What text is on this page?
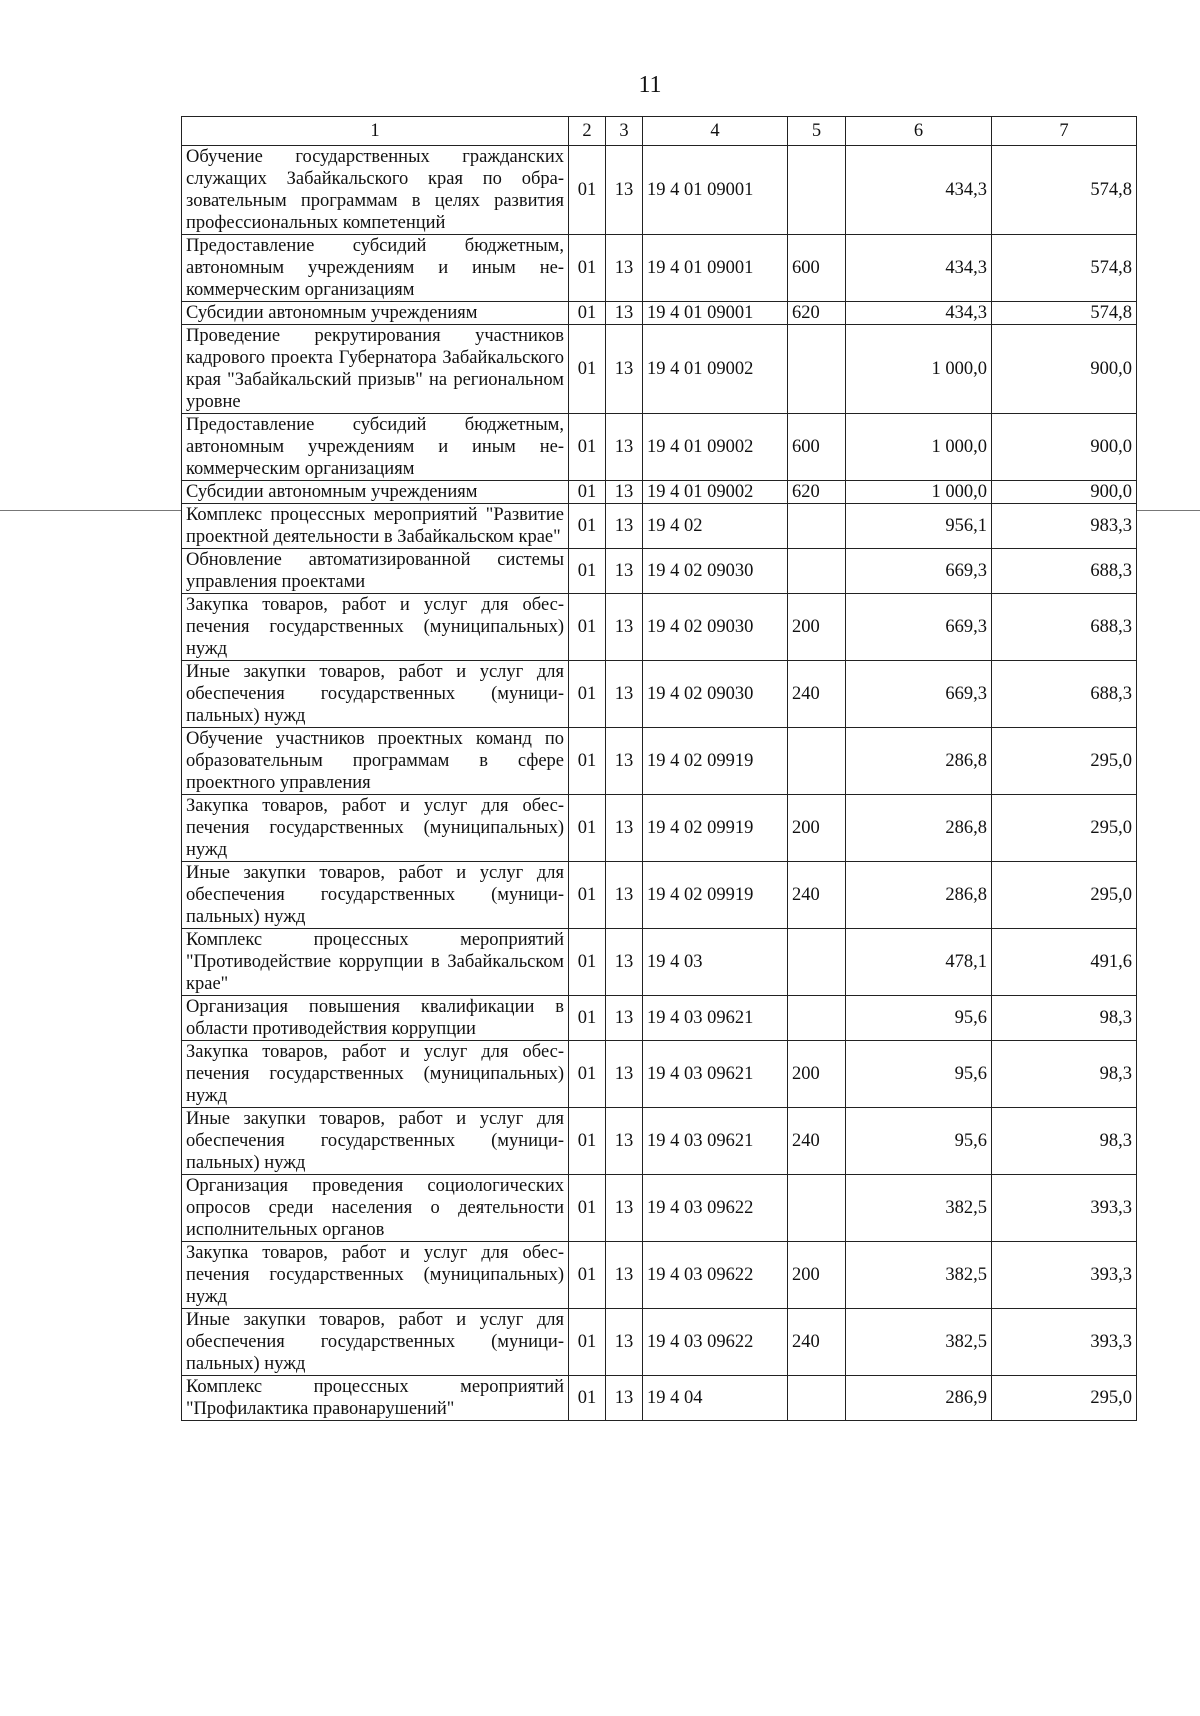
11
1	2	3	4	5	6	7
Обучение государственных гражданских служащих Забайкальского края по образовательным программам в целях развития профессиональных компетенций	01	13	19 4 01 09001		434,3	574,8
Предоставление субсидий бюджетным, автономным учреждениям и иным некоммерческим организациям	01	13	19 4 01 09001	600	434,3	574,8
Субсидии автономным учреждениям	01	13	19 4 01 09001	620	434,3	574,8
Проведение рекрутирования участников кадрового проекта Губернатора Забайкальского края "Забайкальский призыв" на региональном уровне	01	13	19 4 01 09002		1 000,0	900,0
Предоставление субсидий бюджетным, автономным учреждениям и иным некоммерческим организациям	01	13	19 4 01 09002	600	1 000,0	900,0
Субсидии автономным учреждениям	01	13	19 4 01 09002	620	1 000,0	900,0
Комплекс процессных мероприятий "Развитие проектной деятельности в Забайкальском крае"	01	13	19 4 02		956,1	983,3
Обновление автоматизированной системы управления проектами	01	13	19 4 02 09030		669,3	688,3
Закупка товаров, работ и услуг для обеспечения государственных (муниципальных) нужд	01	13	19 4 02 09030	200	669,3	688,3
Иные закупки товаров, работ и услуг для обеспечения государственных (муниципальных) нужд	01	13	19 4 02 09030	240	669,3	688,3
Обучение участников проектных команд по образовательным программам в сфере проектного управления	01	13	19 4 02 09919		286,8	295,0
Закупка товаров, работ и услуг для обеспечения государственных (муниципальных) нужд	01	13	19 4 02 09919	200	286,8	295,0
Иные закупки товаров, работ и услуг для обеспечения государственных (муниципальных) нужд	01	13	19 4 02 09919	240	286,8	295,0
Комплекс процессных мероприятий "Противодействие коррупции в Забайкальском крае"	01	13	19 4 03		478,1	491,6
Организация повышения квалификации в области противодействия коррупции	01	13	19 4 03 09621		95,6	98,3
Закупка товаров, работ и услуг для обеспечения государственных (муниципальных) нужд	01	13	19 4 03 09621	200	95,6	98,3
Иные закупки товаров, работ и услуг для обеспечения государственных (муниципальных) нужд	01	13	19 4 03 09621	240	95,6	98,3
Организация проведения социологических опросов среди населения о деятельности исполнительных органов	01	13	19 4 03 09622		382,5	393,3
Закупка товаров, работ и услуг для обеспечения государственных (муниципальных) нужд	01	13	19 4 03 09622	200	382,5	393,3
Иные закупки товаров, работ и услуг для обеспечения государственных (муниципальных) нужд	01	13	19 4 03 09622	240	382,5	393,3
Комплекс процессных мероприятий "Профилактика правонарушений"	01	13	19 4 04		286,9	295,0
